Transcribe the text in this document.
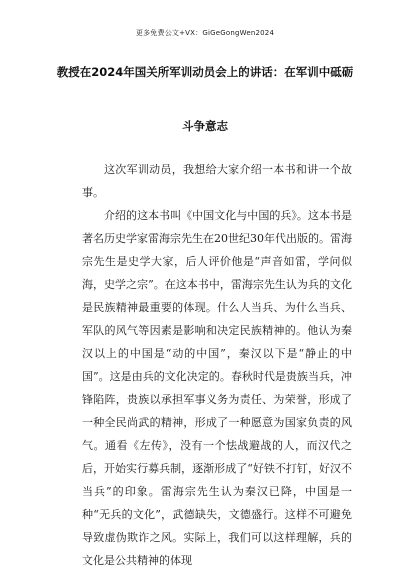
更多免费公文+VX：GiGeGongWen2024
教授在2024年国关所军训动员会上的讲话：在军训中砥砺
斗争意志

这次军训动员，我想给大家介绍一本书和讲一个故事。

介绍的这本书叫《中国文化与中国的兵》。这本书是著名历史学家雷海宗先生在20世纪30年代出版的。雷海宗先生是史学大家，后人评价他是“声音如雷，学问似海，史学之宗”。在这本书中，雷海宗先生认为兵的文化是民族精神最重要的体现。什么人当兵、为什么当兵、军队的风气等因素是影响和决定民族精神的。他认为秦汉以上的中国是“动的中国”，秦汉以下是“静止的中国”。这是由兵的文化决定的。春秋时代是贵族当兵，冲锋陷阵，贵族以承担军事义务为责任、为荣誉，形成了一种全民尚武的精神，形成了一种愿意为国家负责的风气。通看《左传》，没有一个怯战避战的人，而汉代之后，开始实行募兵制，逐渐形成了“好铁不打钉，好汉不当兵”的印象。雷海宗先生认为秦汉已降，中国是一种“无兵的文化”，武德缺失，文德盛行。这样不可避免导致虚伪欺诈之风。实际上，我们可以这样理解，兵的文化是公共精神的体现
